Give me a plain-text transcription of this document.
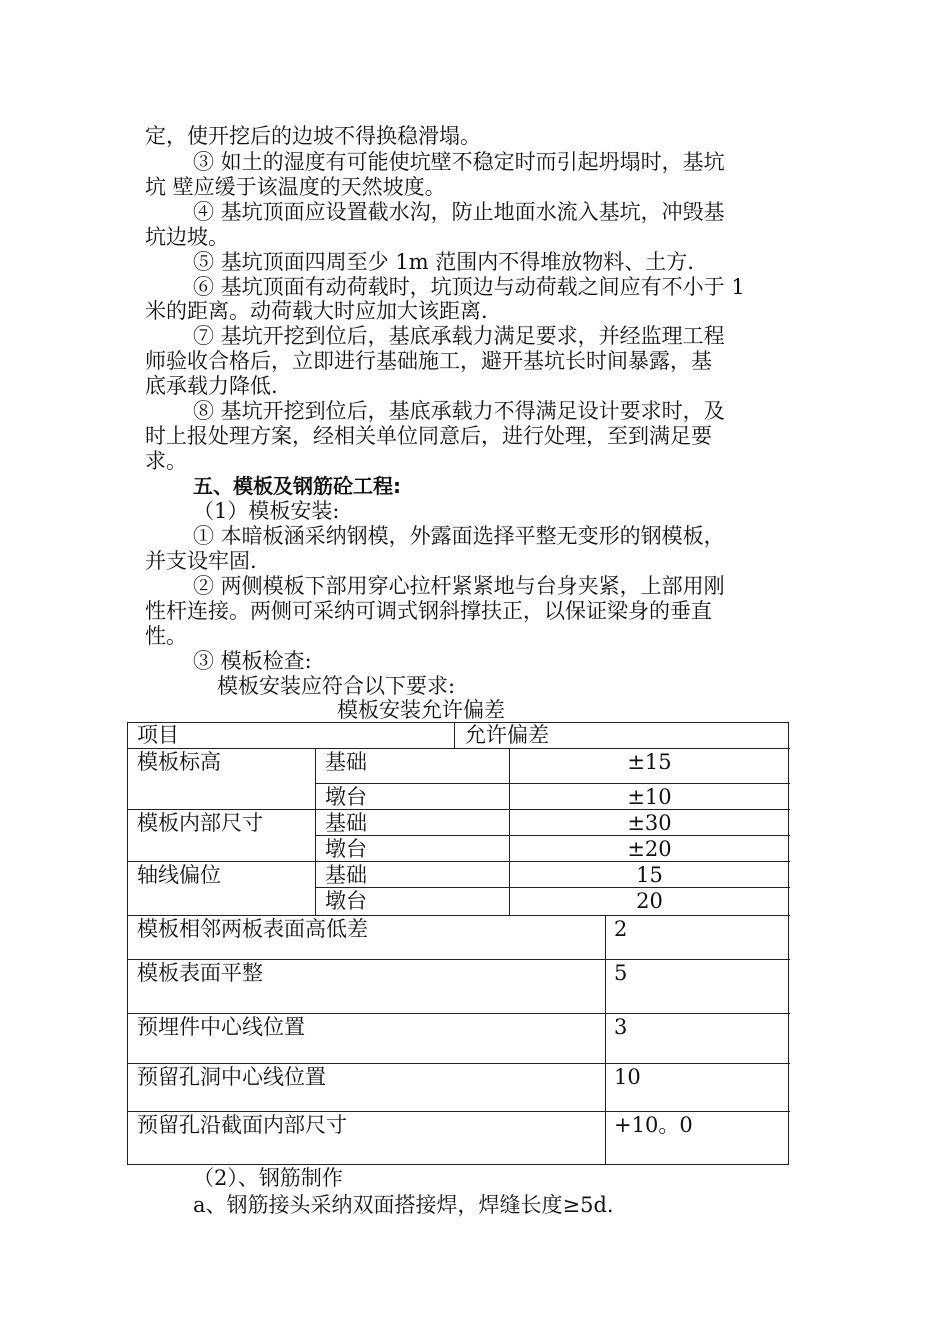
定，使开挖后的边坡不得换稳滑塌。
③ 如土的湿度有可能使坑壁不稳定时而引起坍塌时，基坑
坑 壁应缓于该温度的天然坡度。
④ 基坑顶面应设置截水沟，防止地面水流入基坑，冲毁基
坑边坡。
⑤ 基坑顶面四周至少 1m 范围内不得堆放物料、土方.
⑥ 基坑顶面有动荷载时，坑顶边与动荷载之间应有不小于 1
米的距离。动荷载大时应加大该距离.
⑦ 基坑开挖到位后，基底承载力满足要求，并经监理工程
师验收合格后，立即进行基础施工，避开基坑长时间暴露，基
底承载力降低.
⑧ 基坑开挖到位后，基底承载力不得满足设计要求时，及
时上报处理方案，经相关单位同意后，进行处理，至到满足要
求。
五、模板及钢筋砼工程:
（1）模板安装:
① 本暗板涵采纳钢模，外露面选择平整无变形的钢模板，
并支设牢固.
② 两侧模板下部用穿心拉杆紧紧地与台身夹紧，上部用刚
性杆连接。两侧可采纳可调式钢斜撑扶正，以保证梁身的垂直
性。
③ 模板检查:
模板安装应符合以下要求:
模板安装允许偏差
项目	允许偏差
模板标高	基础	±15
墩台	±10
模板内部尺寸	基础	±30
墩台	±20
轴线偏位	基础	15
墩台	20
模板相邻两板表面高低差	2
模板表面平整	5
预埋件中心线位置	3
预留孔洞中心线位置	10
预留孔沿截面内部尺寸	+10。0
（2）、钢筋制作
a、钢筋接头采纳双面搭接焊，焊缝长度≥5d.
